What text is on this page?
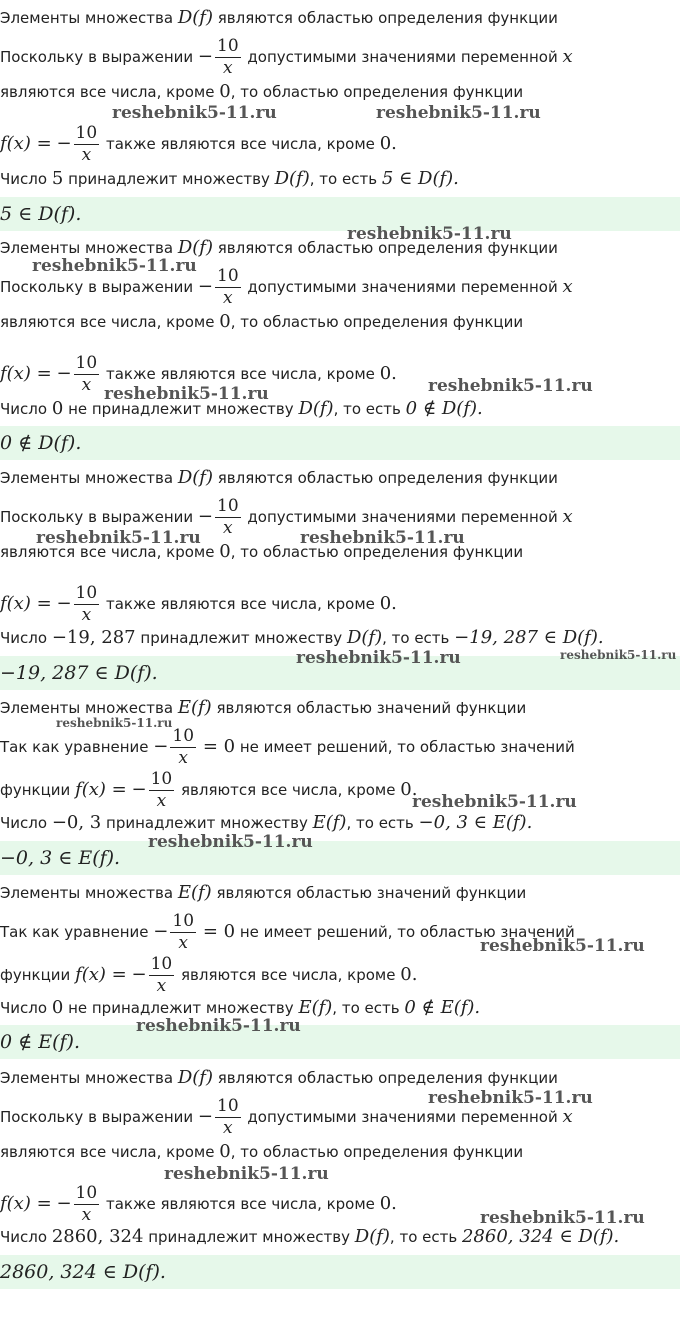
Элементы множества D(f) являются областью определения функции
Поскольку в выражении − $\frac{10}{x}$ допустимыми значениями переменной x
являются все числа, кроме 0, то областью определения функции
f(x) = − $\frac{10}{x}$ также являются все числа, кроме 0.
Число 5 принадлежит множеству D(f), то есть 5 ∈ D(f).
5 ∈ D(f).
Элементы множества D(f) являются областью определения функции
Поскольку в выражении − $\frac{10}{x}$ допустимыми значениями переменной x
являются все числа, кроме 0, то областью определения функции
f(x) = − $\frac{10}{x}$ также являются все числа, кроме 0.
Число 0 не принадлежит множеству D(f), то есть 0 ∉ D(f).
0 ∉ D(f).
Элементы множества D(f) являются областью определения функции
Поскольку в выражении − $\frac{10}{x}$ допустимыми значениями переменной x
являются все числа, кроме 0, то областью определения функции
f(x) = − $\frac{10}{x}$ также являются все числа, кроме 0.
Число −19, 287 принадлежит множеству D(f), то есть −19, 287 ∈ D(f).
−19, 287 ∈ D(f).
Элементы множества E(f) являются областью значений функции
Так как уравнение − $\frac{10}{x} = 0$ не имеет решений, то областью значений
функции f(x) = − $\frac{10}{x}$ являются все числа, кроме 0.
Число −0, 3 принадлежит множеству E(f), то есть −0, 3 ∈ E(f).
−0, 3 ∈ E(f).
Элементы множества E(f) являются областью значений функции
Так как уравнение − $\frac{10}{x} = 0$ не имеет решений, то областью значений
функции f(x) = − $\frac{10}{x}$ являются все числа, кроме 0.
Число 0 не принадлежит множеству E(f), то есть 0 ∉ E(f).
0 ∉ E(f).
Элементы множества D(f) являются областью определения функции
Поскольку в выражении − $\frac{10}{x}$ допустимыми значениями переменной x
являются все числа, кроме 0, то областью определения функции
f(x) = − $\frac{10}{x}$ также являются все числа, кроме 0.
Число 2860, 324 принадлежит множеству D(f), то есть 2860, 324 ∈ D(f).
2860, 324 ∈ D(f).
reshebnik5-11.ru	reshebnik5-11.ru
reshebnik5-11.ru
reshebnik5-11.ru
reshebnik5-11.ru	reshebnik5-11.ru
reshebnik5-11.ru	reshebnik5-11.ru
reshebnik5-11.ru	reshebnik5-11.ru
reshebnik5-11.ru
reshebnik5-11.ru
reshebnik5-11.ru
reshebnik5-11.ru
reshebnik5-11.ru
reshebnik5-11.ru
reshebnik5-11.ru
reshebnik5-11.ru
